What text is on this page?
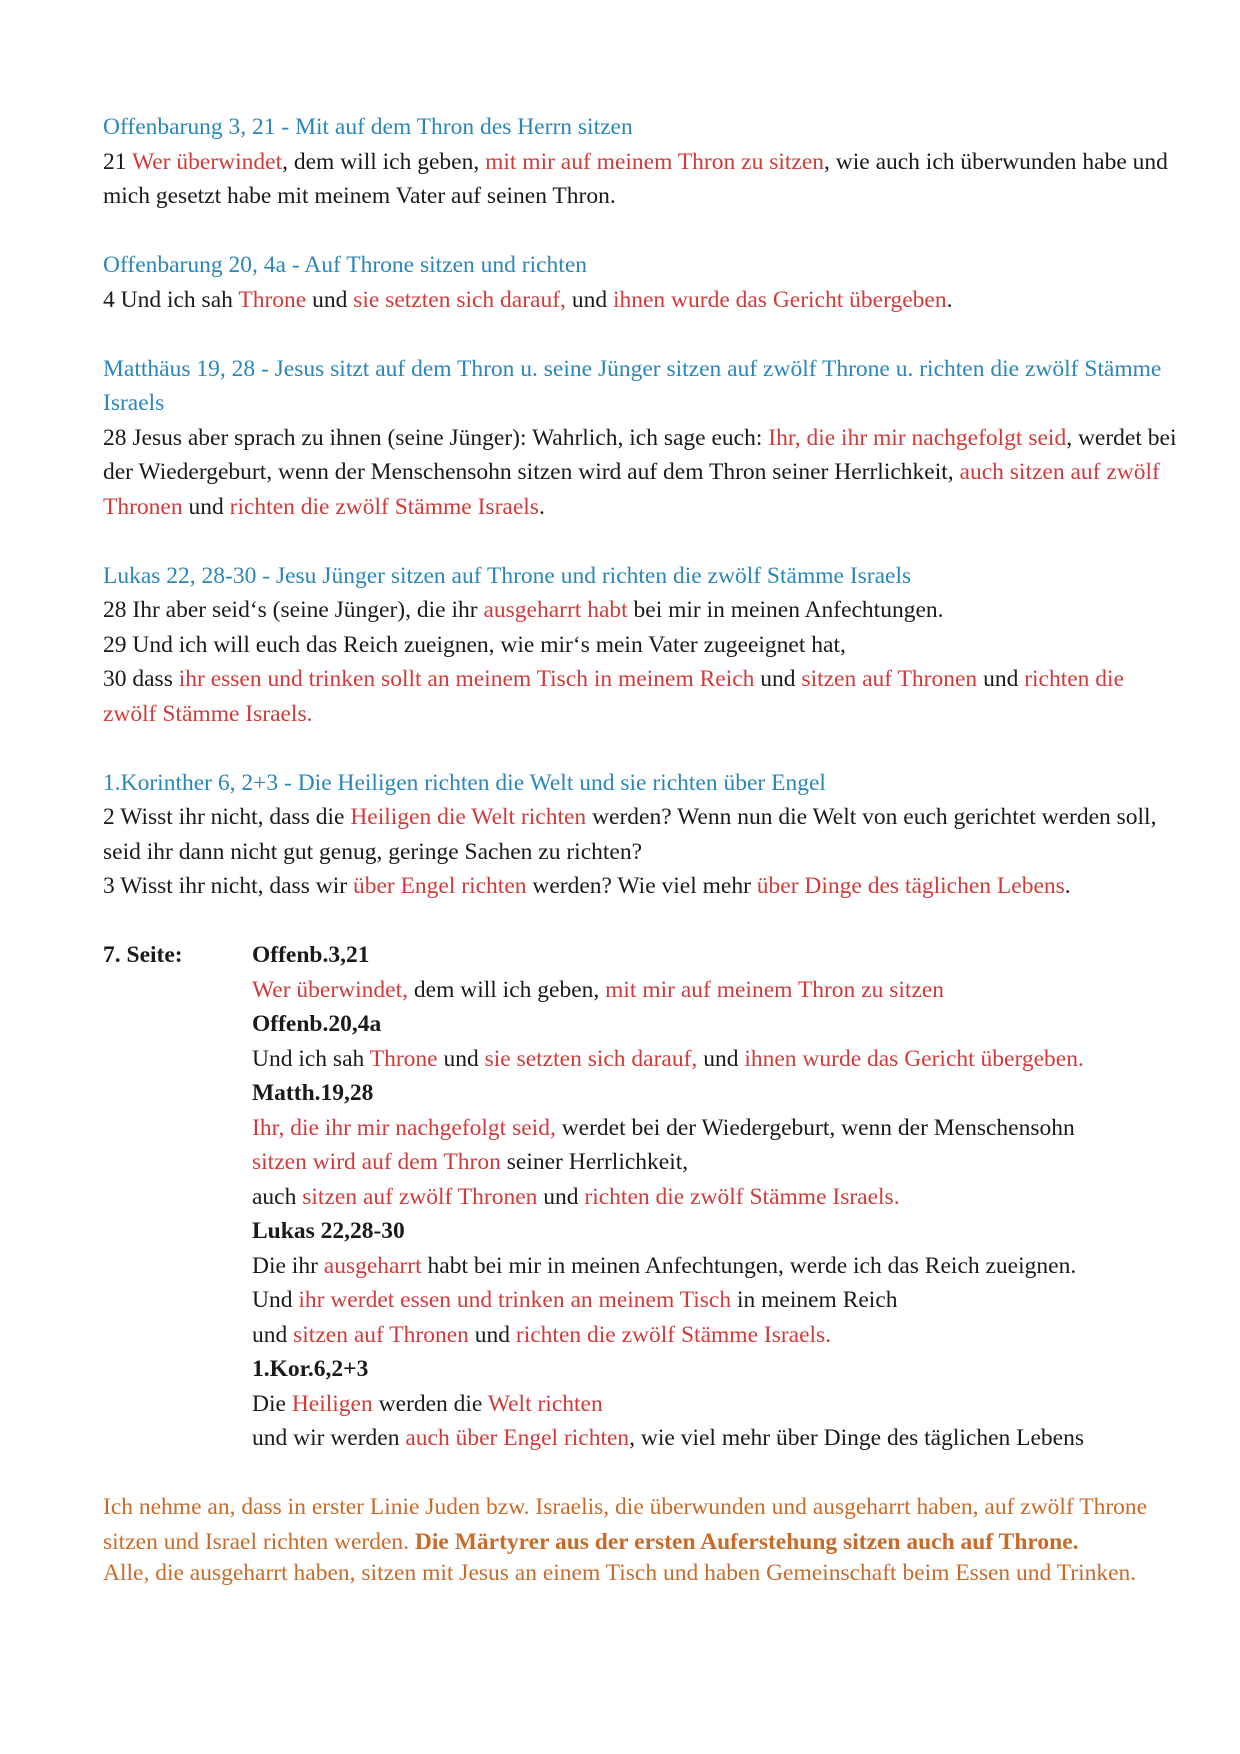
Offenbarung 3, 21 - Mit auf dem Thron des Herrn sitzen

21 Wer überwindet, dem will ich geben, mit mir auf meinem Thron zu sitzen, wie auch ich überwunden habe und mich gesetzt habe mit meinem Vater auf seinen Thron.

Offenbarung 20, 4a - Auf Throne sitzen und richten

4 Und ich sah Throne und sie setzten sich darauf, und ihnen wurde das Gericht übergeben.

Matthäus 19, 28 - Jesus sitzt auf dem Thron u. seine Jünger sitzen auf zwölf Throne u. richten die zwölf Stämme Israels

28 Jesus aber sprach zu ihnen (seine Jünger): Wahrlich, ich sage euch: Ihr, die ihr mir nachgefolgt seid, werdet bei der Wiedergeburt, wenn der Menschensohn sitzen wird auf dem Thron seiner Herrlichkeit, auch sitzen auf zwölf Thronen und richten die zwölf Stämme Israels.

Lukas 22, 28-30 - Jesu Jünger sitzen auf Throne und richten die zwölf Stämme Israels

28 Ihr aber seid‘s (seine Jünger), die ihr ausgeharrt habt bei mir in meinen Anfechtungen.

29 Und ich will euch das Reich zueignen, wie mir‘s mein Vater zugeeignet hat,

30 dass ihr essen und trinken sollt an meinem Tisch in meinem Reich und sitzen auf Thronen und richten die zwölf Stämme Israels.

1.Korinther 6, 2+3 - Die Heiligen richten die Welt und sie richten über Engel

2 Wisst ihr nicht, dass die Heiligen die Welt richten werden? Wenn nun die Welt von euch gerichtet werden soll, seid ihr dann nicht gut genug, geringe Sachen zu richten?

3 Wisst ihr nicht, dass wir über Engel richten werden? Wie viel mehr über Dinge des täglichen Lebens.

7. Seite:	Offenb.3,21
Wer überwindet, dem will ich geben, mit mir auf meinem Thron zu sitzen
Offenb.20,4a
Und ich sah Throne und sie setzten sich darauf, und ihnen wurde das Gericht übergeben.
Matth.19,28
Ihr, die ihr mir nachgefolgt seid, werdet bei der Wiedergeburt, wenn der Menschensohn
sitzen wird auf dem Thron seiner Herrlichkeit,
auch sitzen auf zwölf Thronen und richten die zwölf Stämme Israels.
Lukas 22,28-30
Die ihr ausgeharrt habt bei mir in meinen Anfechtungen, werde ich das Reich zueignen.
Und ihr werdet essen und trinken an meinem Tisch in meinem Reich
und sitzen auf Thronen und richten die zwölf Stämme Israels.
1.Kor.6,2+3
Die Heiligen werden die Welt richten
und wir werden auch über Engel richten, wie viel mehr über Dinge des täglichen Lebens

Ich nehme an, dass in erster Linie Juden bzw. Israelis, die überwunden und ausgeharrt haben, auf zwölf Throne sitzen und Israel richten werden. Die Märtyrer aus der ersten Auferstehung sitzen auch auf Throne.

Alle, die ausgeharrt haben, sitzen mit Jesus an einem Tisch und haben Gemeinschaft beim Essen und Trinken.
